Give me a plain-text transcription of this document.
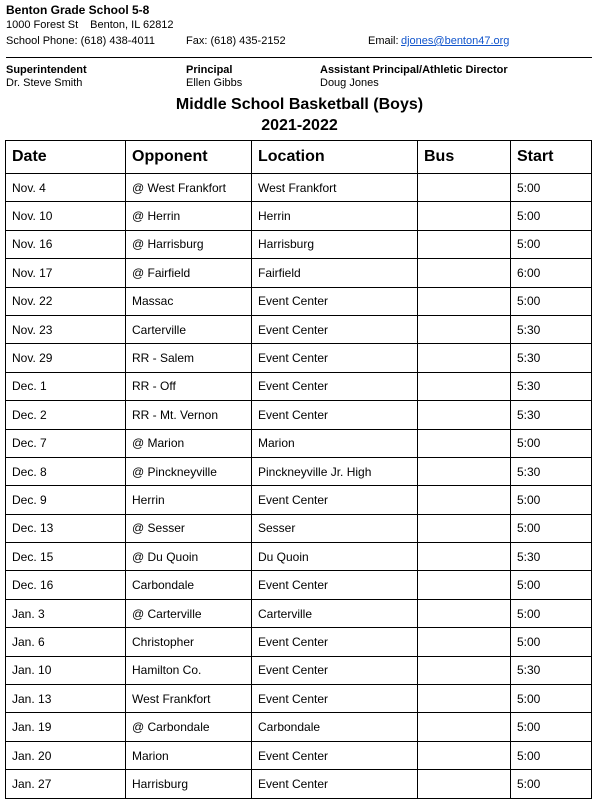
Benton Grade School 5-8
1000 Forest St Benton, IL 62812
School Phone: (618) 438-4011	Fax: (618) 435-2152	Email: djones@benton47.org
Superintendent
Dr. Steve Smith
Principal
Ellen Gibbs
Assistant Principal/Athletic Director
Doug Jones
Middle School Basketball (Boys)
2021-2022
Date	Opponent	Location	Bus	Start
Nov. 4	@ West Frankfort	West Frankfort		5:00
Nov. 10	@ Herrin	Herrin		5:00
Nov. 16	@ Harrisburg	Harrisburg		5:00
Nov. 17	@ Fairfield	Fairfield		6:00
Nov. 22	Massac	Event Center		5:00
Nov. 23	Carterville	Event Center		5:30
Nov. 29	RR - Salem	Event Center		5:30
Dec. 1	RR - Off	Event Center		5:30
Dec. 2	RR - Mt. Vernon	Event Center		5:30
Dec. 7	@ Marion	Marion		5:00
Dec. 8	@ Pinckneyville	Pinckneyville Jr. High		5:30
Dec. 9	Herrin	Event Center		5:00
Dec. 13	@ Sesser	Sesser		5:00
Dec. 15	@ Du Quoin	Du Quoin		5:30
Dec. 16	Carbondale	Event Center		5:00
Jan. 3	@ Carterville	Carterville		5:00
Jan. 6	Christopher	Event Center		5:00
Jan. 10	Hamilton Co.	Event Center		5:30
Jan. 13	West Frankfort	Event Center		5:00
Jan. 19	@ Carbondale	Carbondale		5:00
Jan. 20	Marion	Event Center		5:00
Jan. 27	Harrisburg	Event Center		5:00
